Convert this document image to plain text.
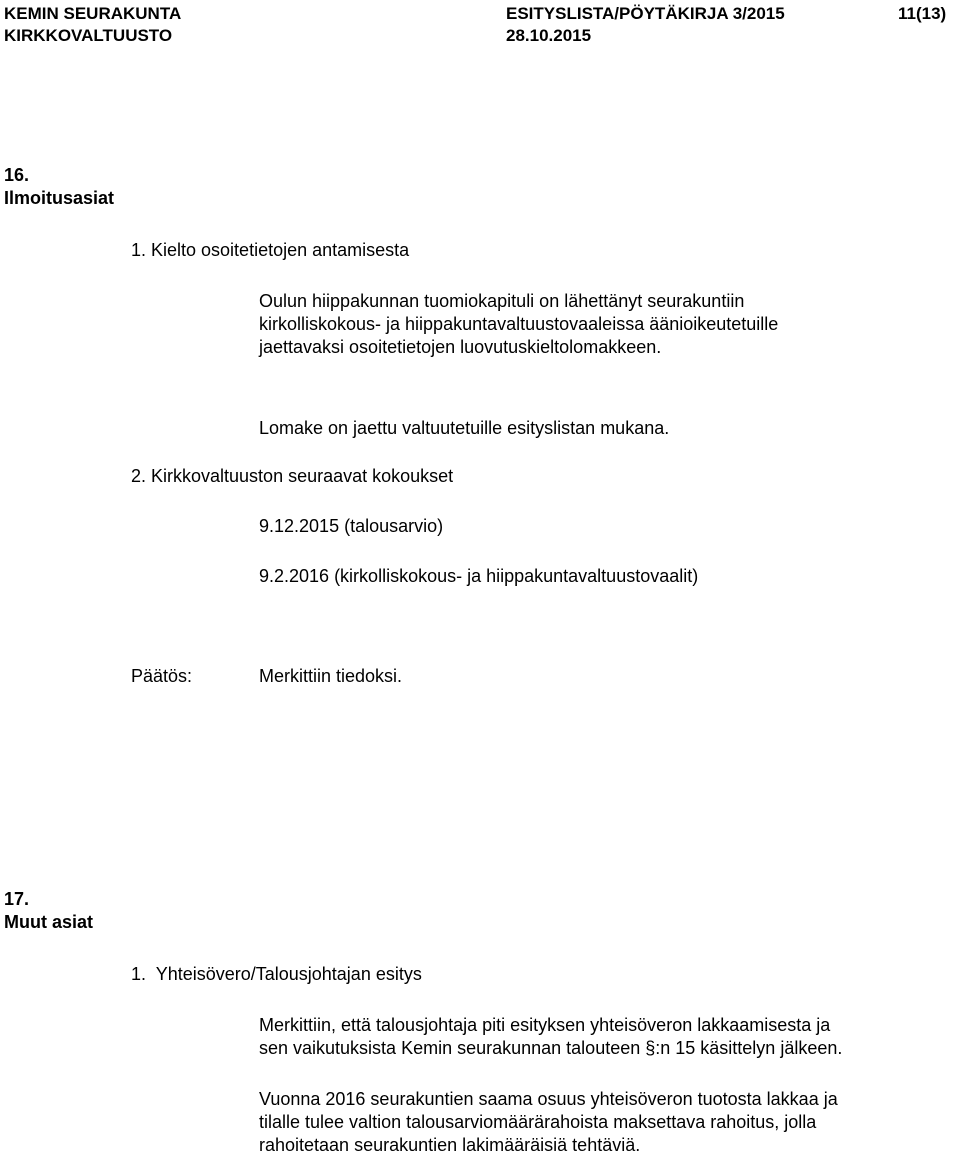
KEMIN SEURAKUNTA
KIRKKOVALTUUSTO
ESITYSLISTA/PÖYTÄKIRJA 3/2015
28.10.2015
11(13)
16.
Ilmoitusasiat
1. Kielto osoitetietojen antamisesta
Oulun hiippakunnan tuomiokapituli on lähettänyt seurakuntiin
kirkolliskokous- ja hiippakuntavaltuustovaaleissa äänioikeutetuille
jaettavaksi osoitetietojen luovutuskieltolomakkeen.
Lomake on jaettu valtuutetuille esityslistan mukana.
2. Kirkkovaltuuston seuraavat kokoukset
9.12.2015 (talousarvio)
9.2.2016 (kirkolliskokous- ja hiippakuntavaltuustovaalit)
Päätös:	Merkittiin tiedoksi.
17.
Muut asiat
1.  Yhteisövero/Talousjohtajan esitys
Merkittiin, että talousjohtaja piti esityksen yhteisöveron lakkaamisesta ja
sen vaikutuksista Kemin seurakunnan talouteen §:n 15 käsittelyn jälkeen.
Vuonna 2016 seurakuntien saama osuus yhteisöveron tuotosta lakkaa ja
tilalle tulee valtion talousarviomäärärahoista maksettava rahoitus, jolla
rahoitetaan seurakuntien lakimääräisiä tehtäviä.
